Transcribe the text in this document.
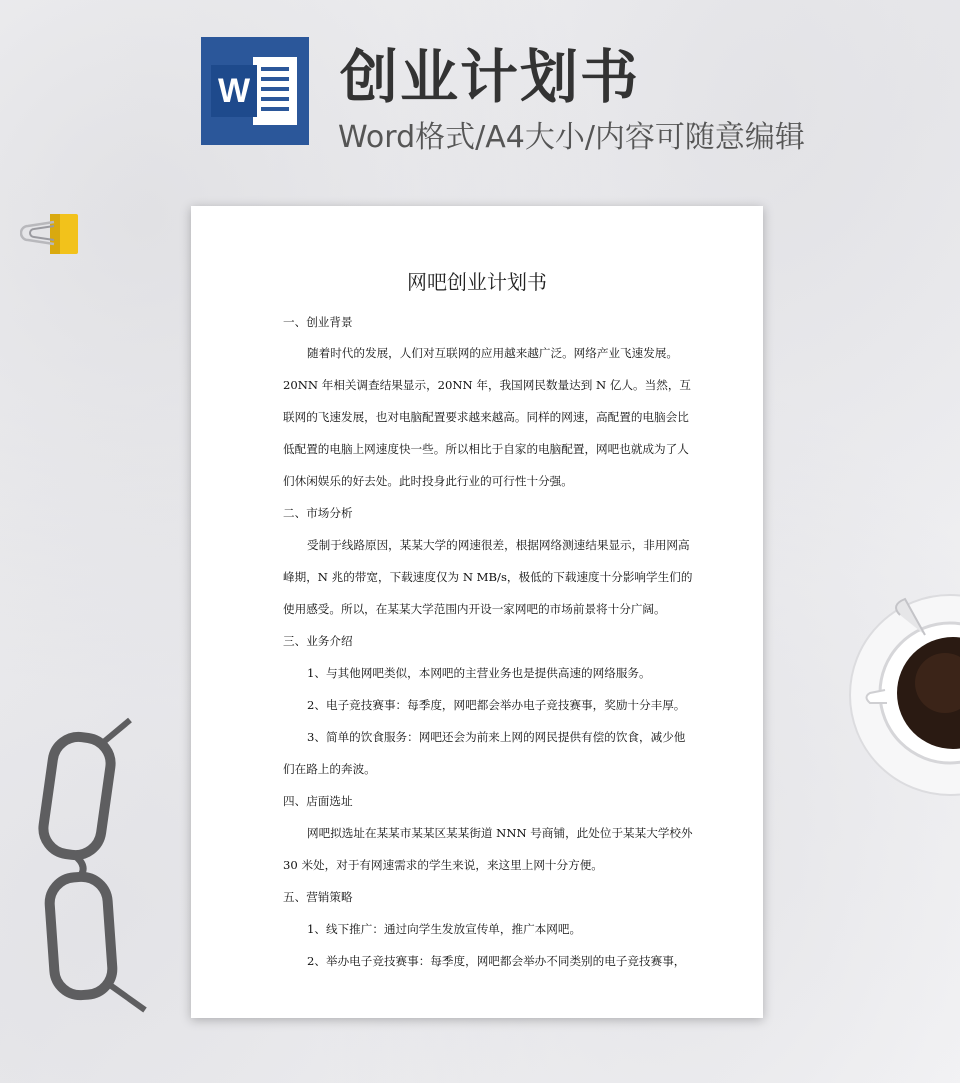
W 创业计划书
Word格式/A4大小/内容可随意编辑
网吧创业计划书
一、创业背景
随着时代的发展，人们对互联网的应用越来越广泛。网络产业飞速发展。
20NN 年相关调查结果显示，20NN 年，我国网民数量达到 N 亿人。当然，互
联网的飞速发展，也对电脑配置要求越来越高。同样的网速，高配置的电脑会比
低配置的电脑上网速度快一些。所以相比于自家的电脑配置，网吧也就成为了人
们休闲娱乐的好去处。此时投身此行业的可行性十分强。
二、市场分析
受制于线路原因，某某大学的网速很差，根据网络测速结果显示，非用网高
峰期，N 兆的带宽，下载速度仅为 N MB/s，极低的下载速度十分影响学生们的
使用感受。所以，在某某大学范围内开设一家网吧的市场前景将十分广阔。
三、业务介绍
1、与其他网吧类似，本网吧的主营业务也是提供高速的网络服务。
2、电子竞技赛事：每季度，网吧都会举办电子竞技赛事，奖励十分丰厚。
3、简单的饮食服务：网吧还会为前来上网的网民提供有偿的饮食，减少他
们在路上的奔波。
四、店面选址
网吧拟选址在某某市某某区某某街道 NNN 号商铺，此处位于某某大学校外
30 米处，对于有网速需求的学生来说，来这里上网十分方便。
五、营销策略
1、线下推广：通过向学生发放宣传单，推广本网吧。
2、举办电子竞技赛事：每季度，网吧都会举办不同类别的电子竞技赛事，
